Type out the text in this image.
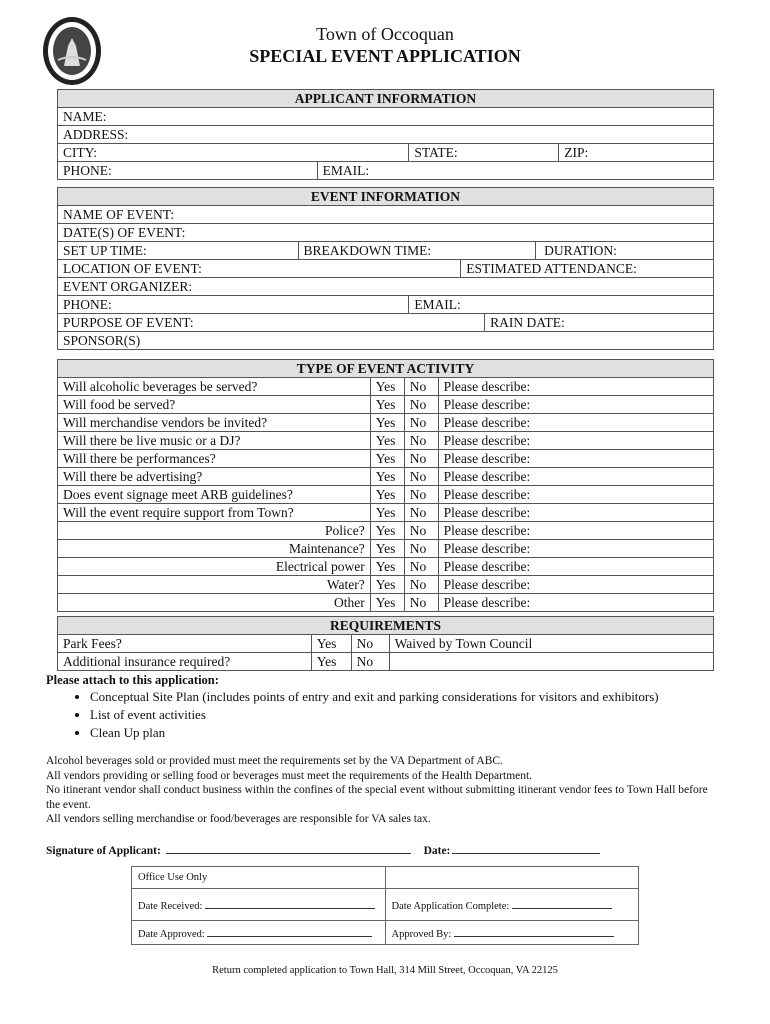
Town of Occoquan
SPECIAL EVENT APPLICATION
APPLICANT INFORMATION			
NAME:			
ADDRESS:			
CITY:		STATE:	ZIP:
PHONE:	EMAIL:		
EVENT INFORMATION					
NAME OF EVENT:					
DATE(S) OF EVENT:					
SET UP TIME:	BREAKDOWN TIME:				DURATION:
LOCATION OF EVENT:			ESTIMATED ATTENDANCE:		
EVENT ORGANIZER:					
PHONE:		EMAIL:			
PURPOSE OF EVENT:				RAIN DATE:	
SPONSOR(S)					
TYPE OF EVENT ACTIVITY			
Will alcoholic beverages be served?	Yes	No	Please describe:
Will food be served?	Yes	No	Please describe:
Will merchandise vendors be invited?	Yes	No	Please describe:
Will there be live music or a DJ?	Yes	No	Please describe:
Will there be performances?	Yes	No	Please describe:
Will there be advertising?	Yes	No	Please describe:
Does event signage meet ARB guidelines?	Yes	No	Please describe:
Will the event require support from Town?	Yes	No	Please describe:
Police?	Yes	No	Please describe:
Maintenance?	Yes	No	Please describe:
Electrical power	Yes	No	Please describe:
Water?	Yes	No	Please describe:
Other	Yes	No	Please describe:
REQUIREMENTS			
Park Fees?	Yes	No	Waived by Town Council
Additional insurance required?	Yes	No	
Please attach to this application:
• Conceptual Site Plan (includes points of entry and exit and parking considerations for visitors and exhibitors)
• List of event activities
• Clean Up plan
Alcohol beverages sold or provided must meet the requirements set by the VA Department of ABC.
All vendors providing or selling food or beverages must meet the requirements of the Health Department.
No itinerant vendor shall conduct business within the confines of the special event without submitting itinerant vendor fees to Town Hall before the event.
All vendors selling merchandise or food/beverages are responsible for VA sales tax.
Signature of Applicant:	Date:
Office Use Only	
Date Received:	Date Application Complete:
Date Approved:	Approved By:
Return completed application to Town Hall, 314 Mill Street, Occoquan, VA 22125
